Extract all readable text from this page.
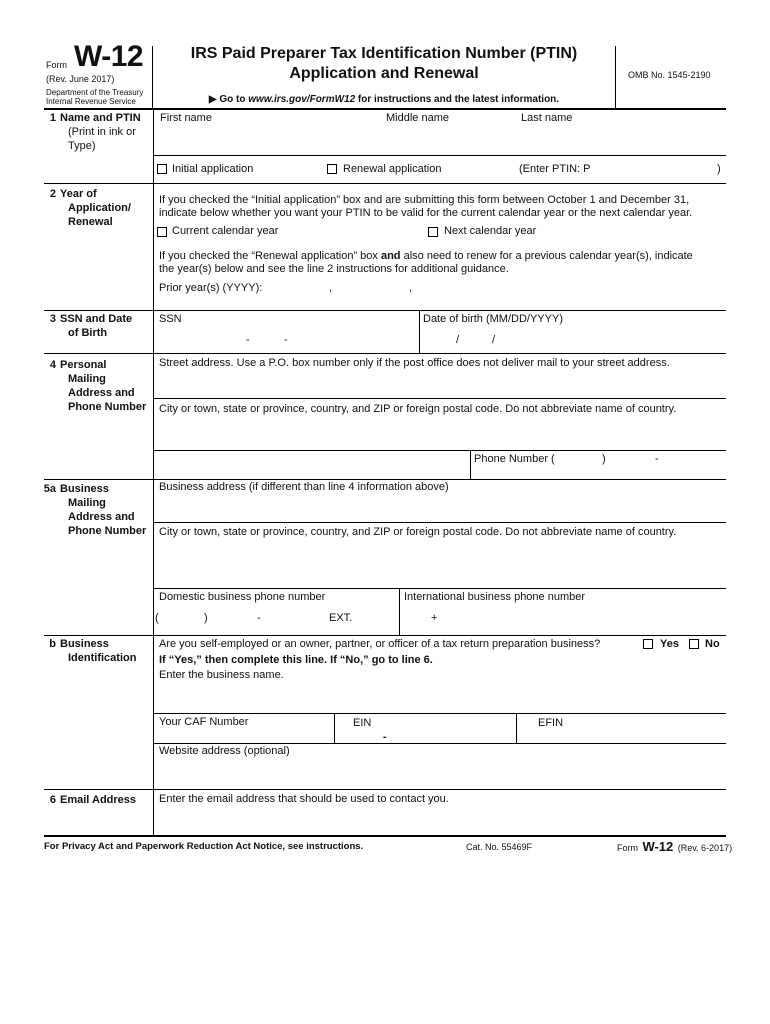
Form W-12
(Rev. June 2017)
Department of the Treasury
Internal Revenue Service
IRS Paid Preparer Tax Identification Number (PTIN)
Application and Renewal
▶ Go to www.irs.gov/FormW12 for instructions and the latest information.
OMB No. 1545-2190
1 Name and PTIN
(Print in ink or
Type)
First name	Middle name	Last name
Initial application	Renewal application	(Enter PTIN: P	)
2 Year of
Application/
Renewal
If you checked the “Initial application” box and are submitting this form between October 1 and December 31,
indicate below whether you want your PTIN to be valid for the current calendar year or the next calendar year.
Current calendar year	Next calendar year
If you checked the “Renewal application” box and also need to renew for a previous calendar year(s), indicate
the year(s) below and see the line 2 instructions for additional guidance.
Prior year(s) (YYYY):	,	,
3 SSN and Date
of Birth
SSN
-	-
Date of birth (MM/DD/YYYY)
/	/
4 Personal
Mailing
Address and
Phone Number
Street address. Use a P.O. box number only if the post office does not deliver mail to your street address.
City or town, state or province, country, and ZIP or foreign postal code. Do not abbreviate name of country.
Phone Number (	)	-
5a Business
Mailing
Address and
Phone Number
Business address (if different than line 4 information above)
City or town, state or province, country, and ZIP or foreign postal code. Do not abbreviate name of country.
Domestic business phone number
(	)	-	EXT.
International business phone number
+
b Business
Identification
Are you self-employed or an owner, partner, or officer of a tax return preparation business?	Yes No
If “Yes,” then complete this line. If “No,” go to line 6.
Enter the business name.
Your CAF Number	EIN
-
EFIN
Website address (optional)
6 Email Address Enter the email address that should be used to contact you.
For Privacy Act and Paperwork Reduction Act Notice, see instructions.	Cat. No. 55469F	Form W-12 (Rev. 6-2017)
